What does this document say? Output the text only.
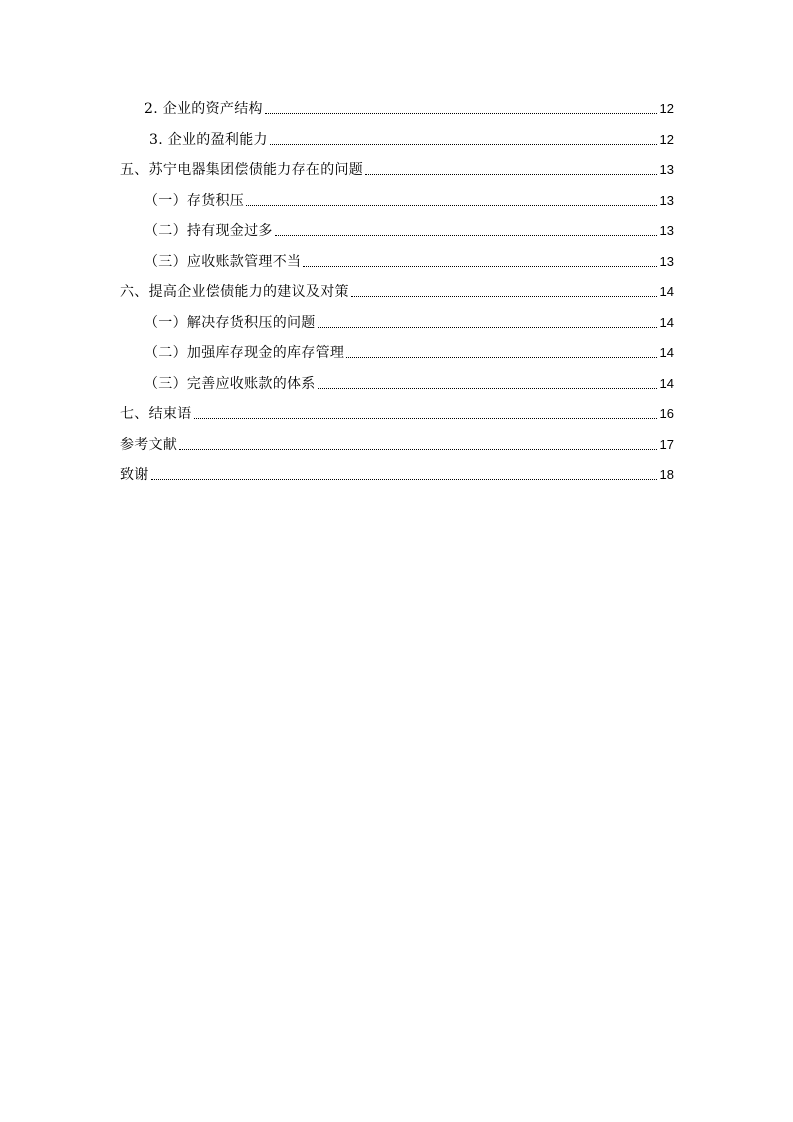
2. 企业的资产结构	12
3. 企业的盈利能力	12
五、苏宁电器集团偿债能力存在的问题	13
（一）存货积压	13
（二）持有现金过多	13
（三）应收账款管理不当	13
六、提高企业偿债能力的建议及对策	14
（一）解决存货积压的问题	14
（二）加强库存现金的库存管理	14
（三）完善应收账款的体系	14
七、结束语	16
参考文献	17
致谢	18
